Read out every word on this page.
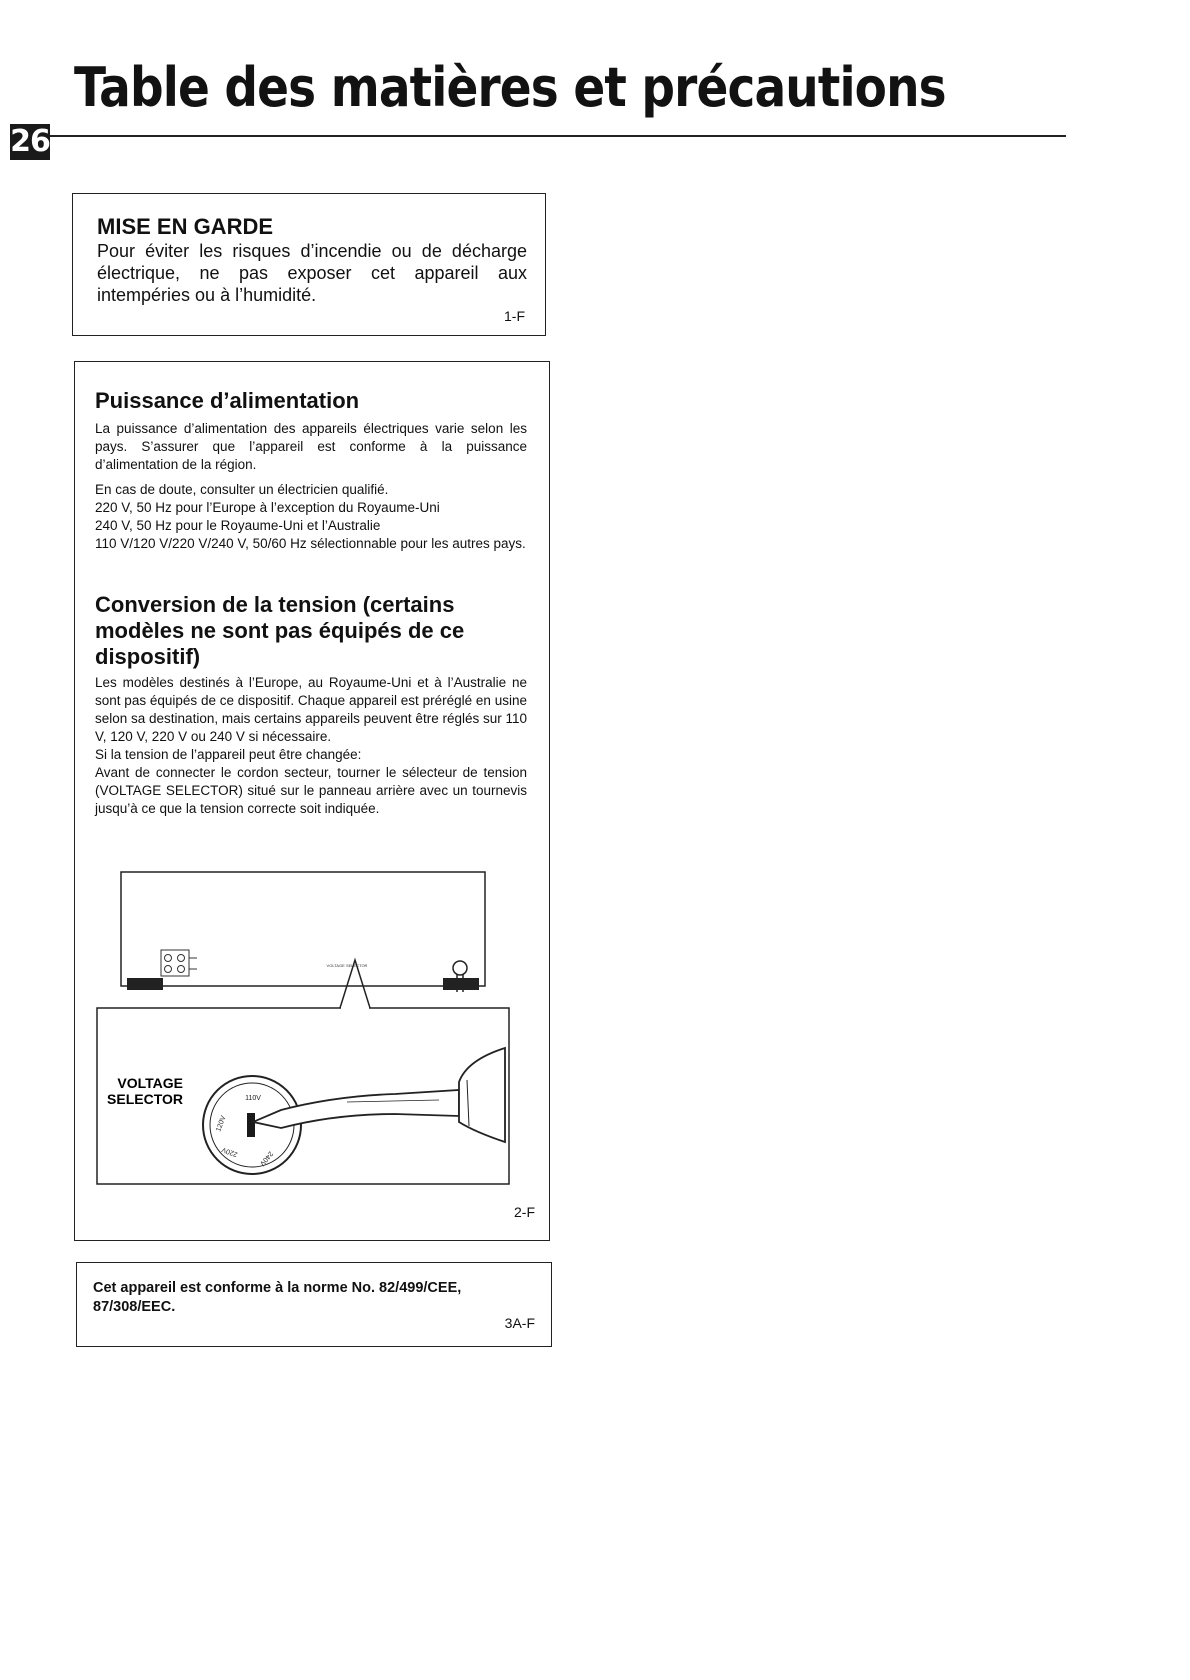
26
Table des matières et précautions
MISE EN GARDE

Pour éviter les risques d’incendie ou de décharge électrique, ne pas exposer cet appareil aux intempéries ou à l’humidité.

1-F
Puissance d’alimentation

La puissance d’alimentation des appareils électriques varie selon les pays. S’assurer que l’appareil est conforme à la puissance d’alimentation de la région.

En cas de doute, consulter un électricien qualifié.
220 V, 50 Hz pour l’Europe à l’exception du Royaume-Uni
240 V, 50 Hz pour le Royaume-Uni et l’Australie
110 V/120 V/220 V/240 V, 50/60 Hz sélectionnable pour les autres pays.
Conversion de la tension (certains modèles ne sont pas équipés de ce dispositif)
Les modèles destinés à l’Europe, au Royaume-Uni et à l’Australie ne sont pas équipés de ce dispositif. Chaque appareil est préréglé en usine selon sa destination, mais certains appareils peuvent être réglés sur 110 V, 120 V, 220 V ou 240 V si nécessaire.
Si la tension de l’appareil peut être changée:
Avant de connecter le cordon secteur, tourner le sélecteur de tension (VOLTAGE SELECTOR) situé sur le panneau arrière avec un tournevis jusqu’à ce que la tension correcte soit indiquée.
VOLTAGE SELECTOR
110V
120V
220V	240V
VOLTAGE
SELECTOR
2-F

Cet appareil est conforme à la norme No. 82/499/CEE, 87/308/EEC.

3A-F
